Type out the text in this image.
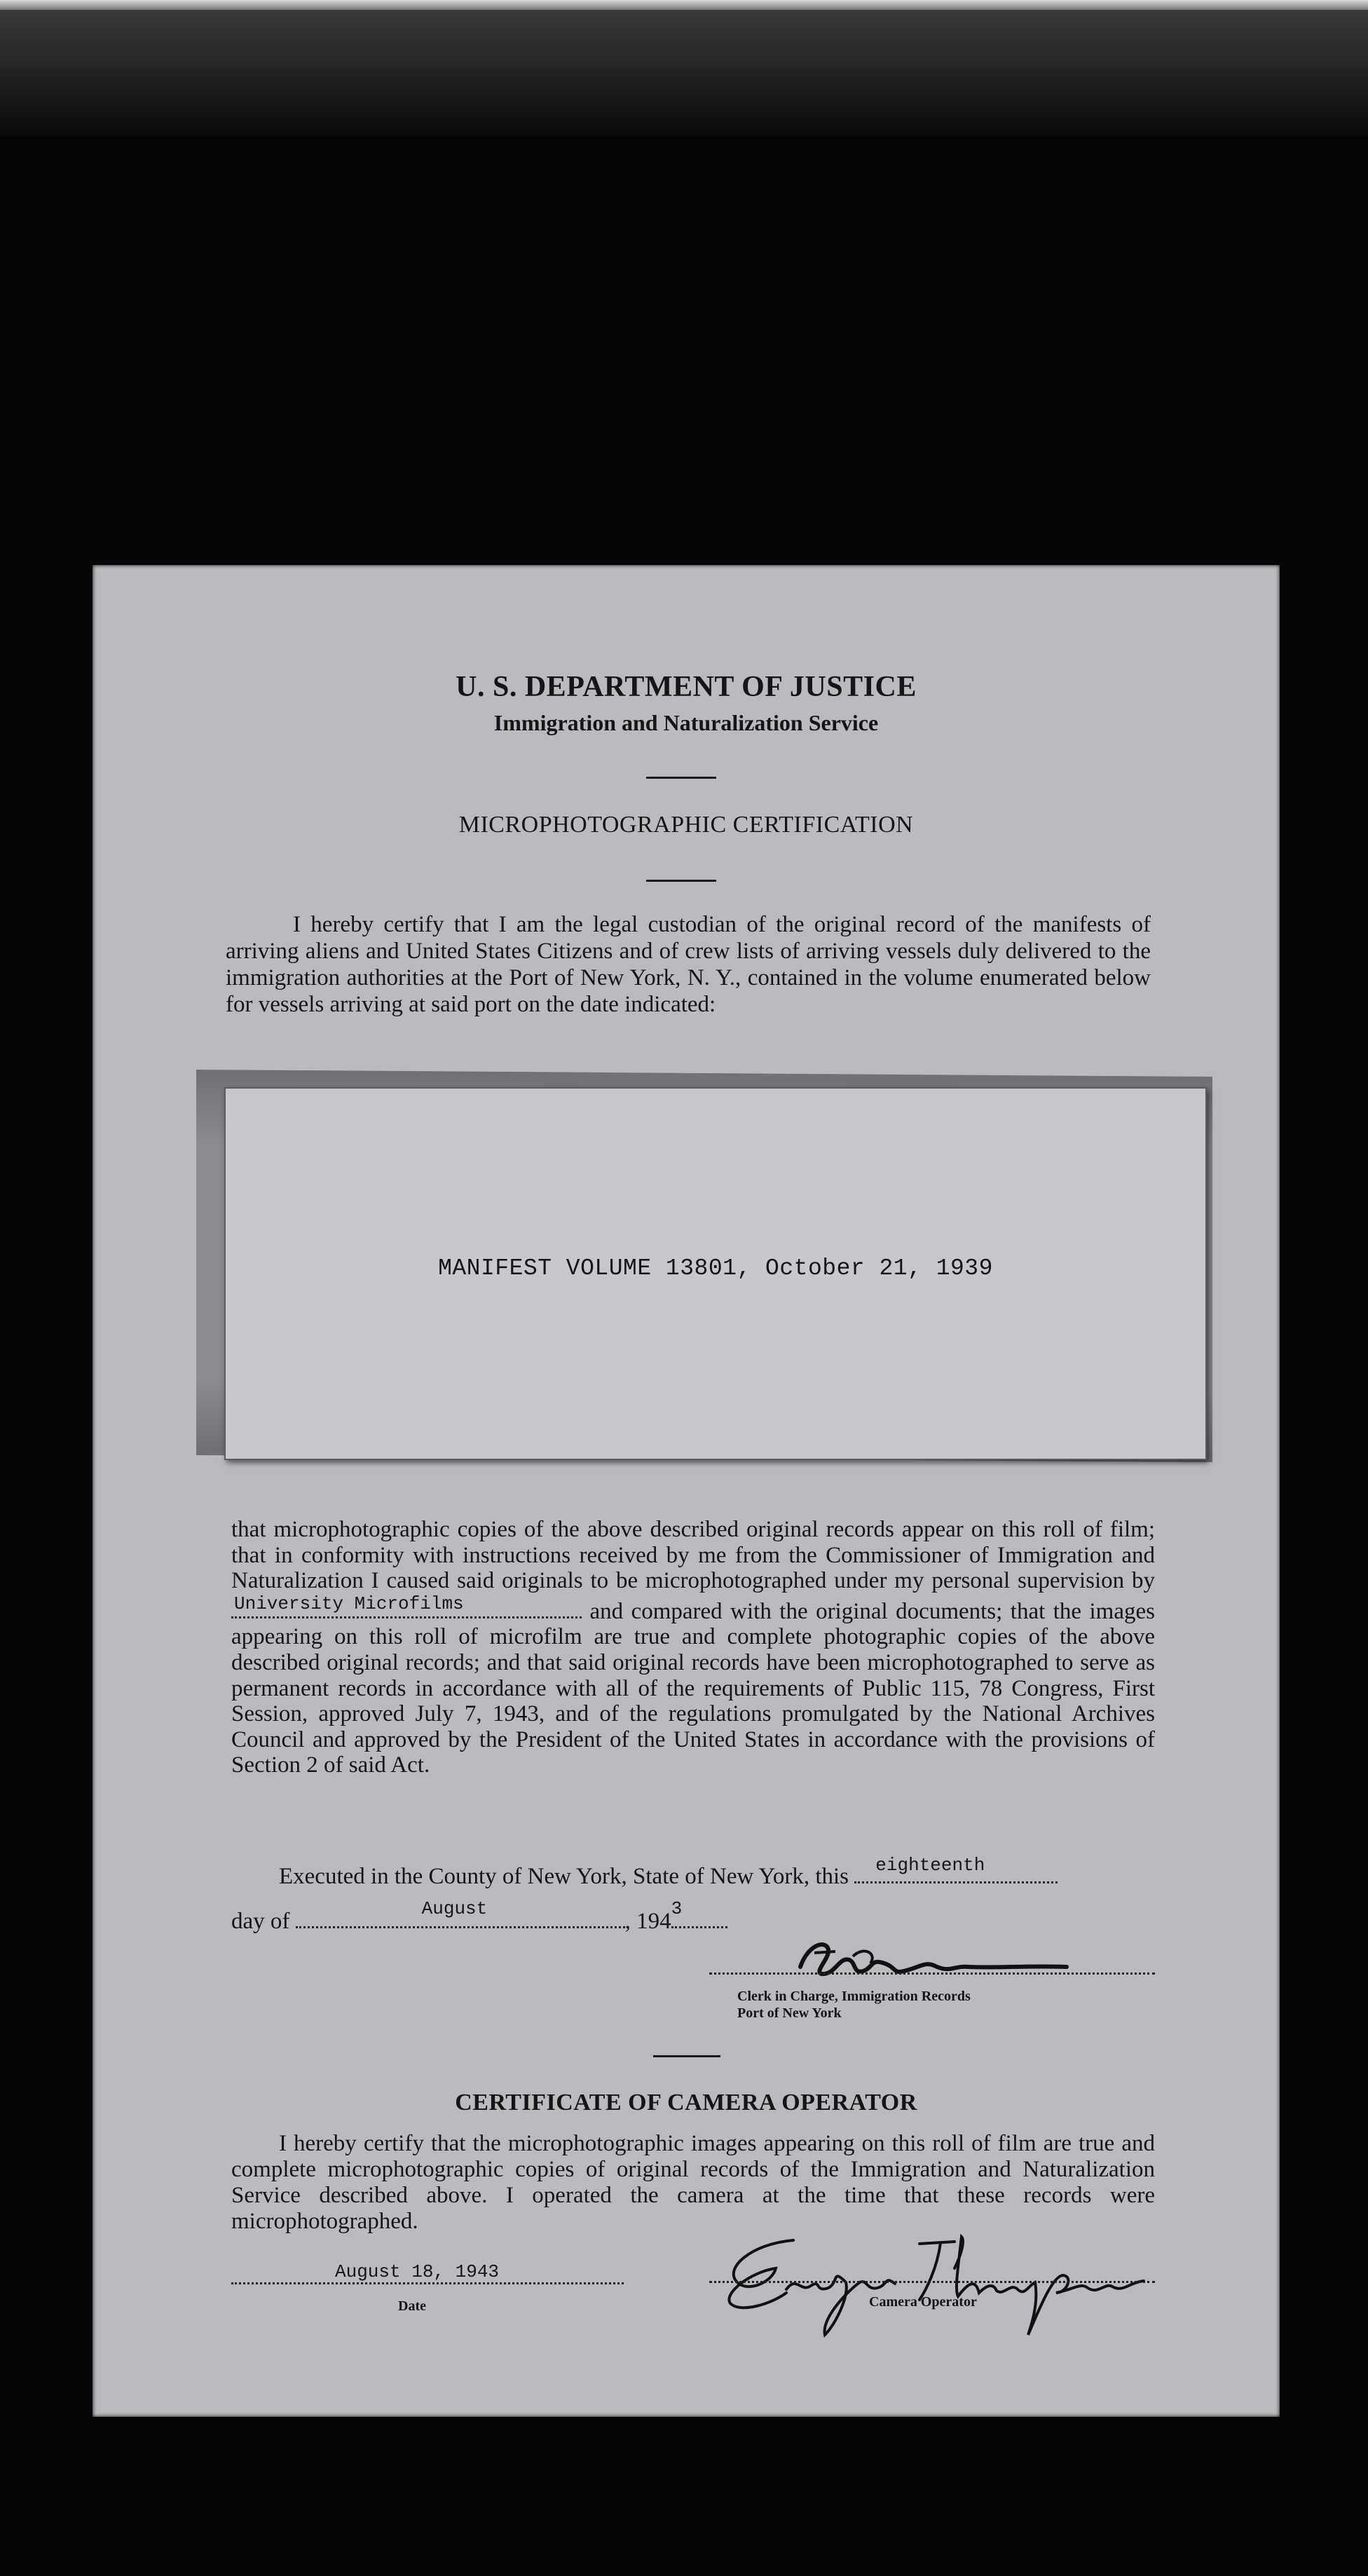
U. S. DEPARTMENT OF JUSTICE
Immigration and Naturalization Service
MICROPHOTOGRAPHIC CERTIFICATION

I hereby certify that I am the legal custodian of the original record of the manifests of arriving aliens and United States Citizens and of crew lists of arriving vessels duly delivered to the immigration authorities at the Port of New York, N. Y., contained in the volume enumerated below for vessels arriving at said port on the date indicated:

MANIFEST VOLUME 13801, October 21, 1939

that microphotographic copies of the above described original records appear on this roll of film; that in conformity with instructions received by me from the Commissioner of Immigration and Naturalization I caused said originals to be microphotographed under my personal supervision by
University Microfilms	and compared with the original documents; that the images appearing on this roll of microfilm are true and complete photographic copies of the above described original records; and that said original records have been microphotographed to serve as permanent records in accordance with all of the requirements of Public 115, 78 Congress, First Session, approved July 7, 1943, and of the regulations promulgated by the National Archives Council and approved by the President of the United States in accordance with the provisions of Section 2 of said Act.

Executed in the County of New York, State of New York, this eighteenth
day of	August	, 194 3
Clerk in Charge, Immigration Records
Port of New York
CERTIFICATE OF CAMERA OPERATOR

I hereby certify that the microphotographic images appearing on this roll of film are true and complete microphotographic copies of original records of the Immigration and Naturalization Service described above. I operated the camera at the time that these records were microphotographed.

August 18, 1943
Date	Camera Operator
